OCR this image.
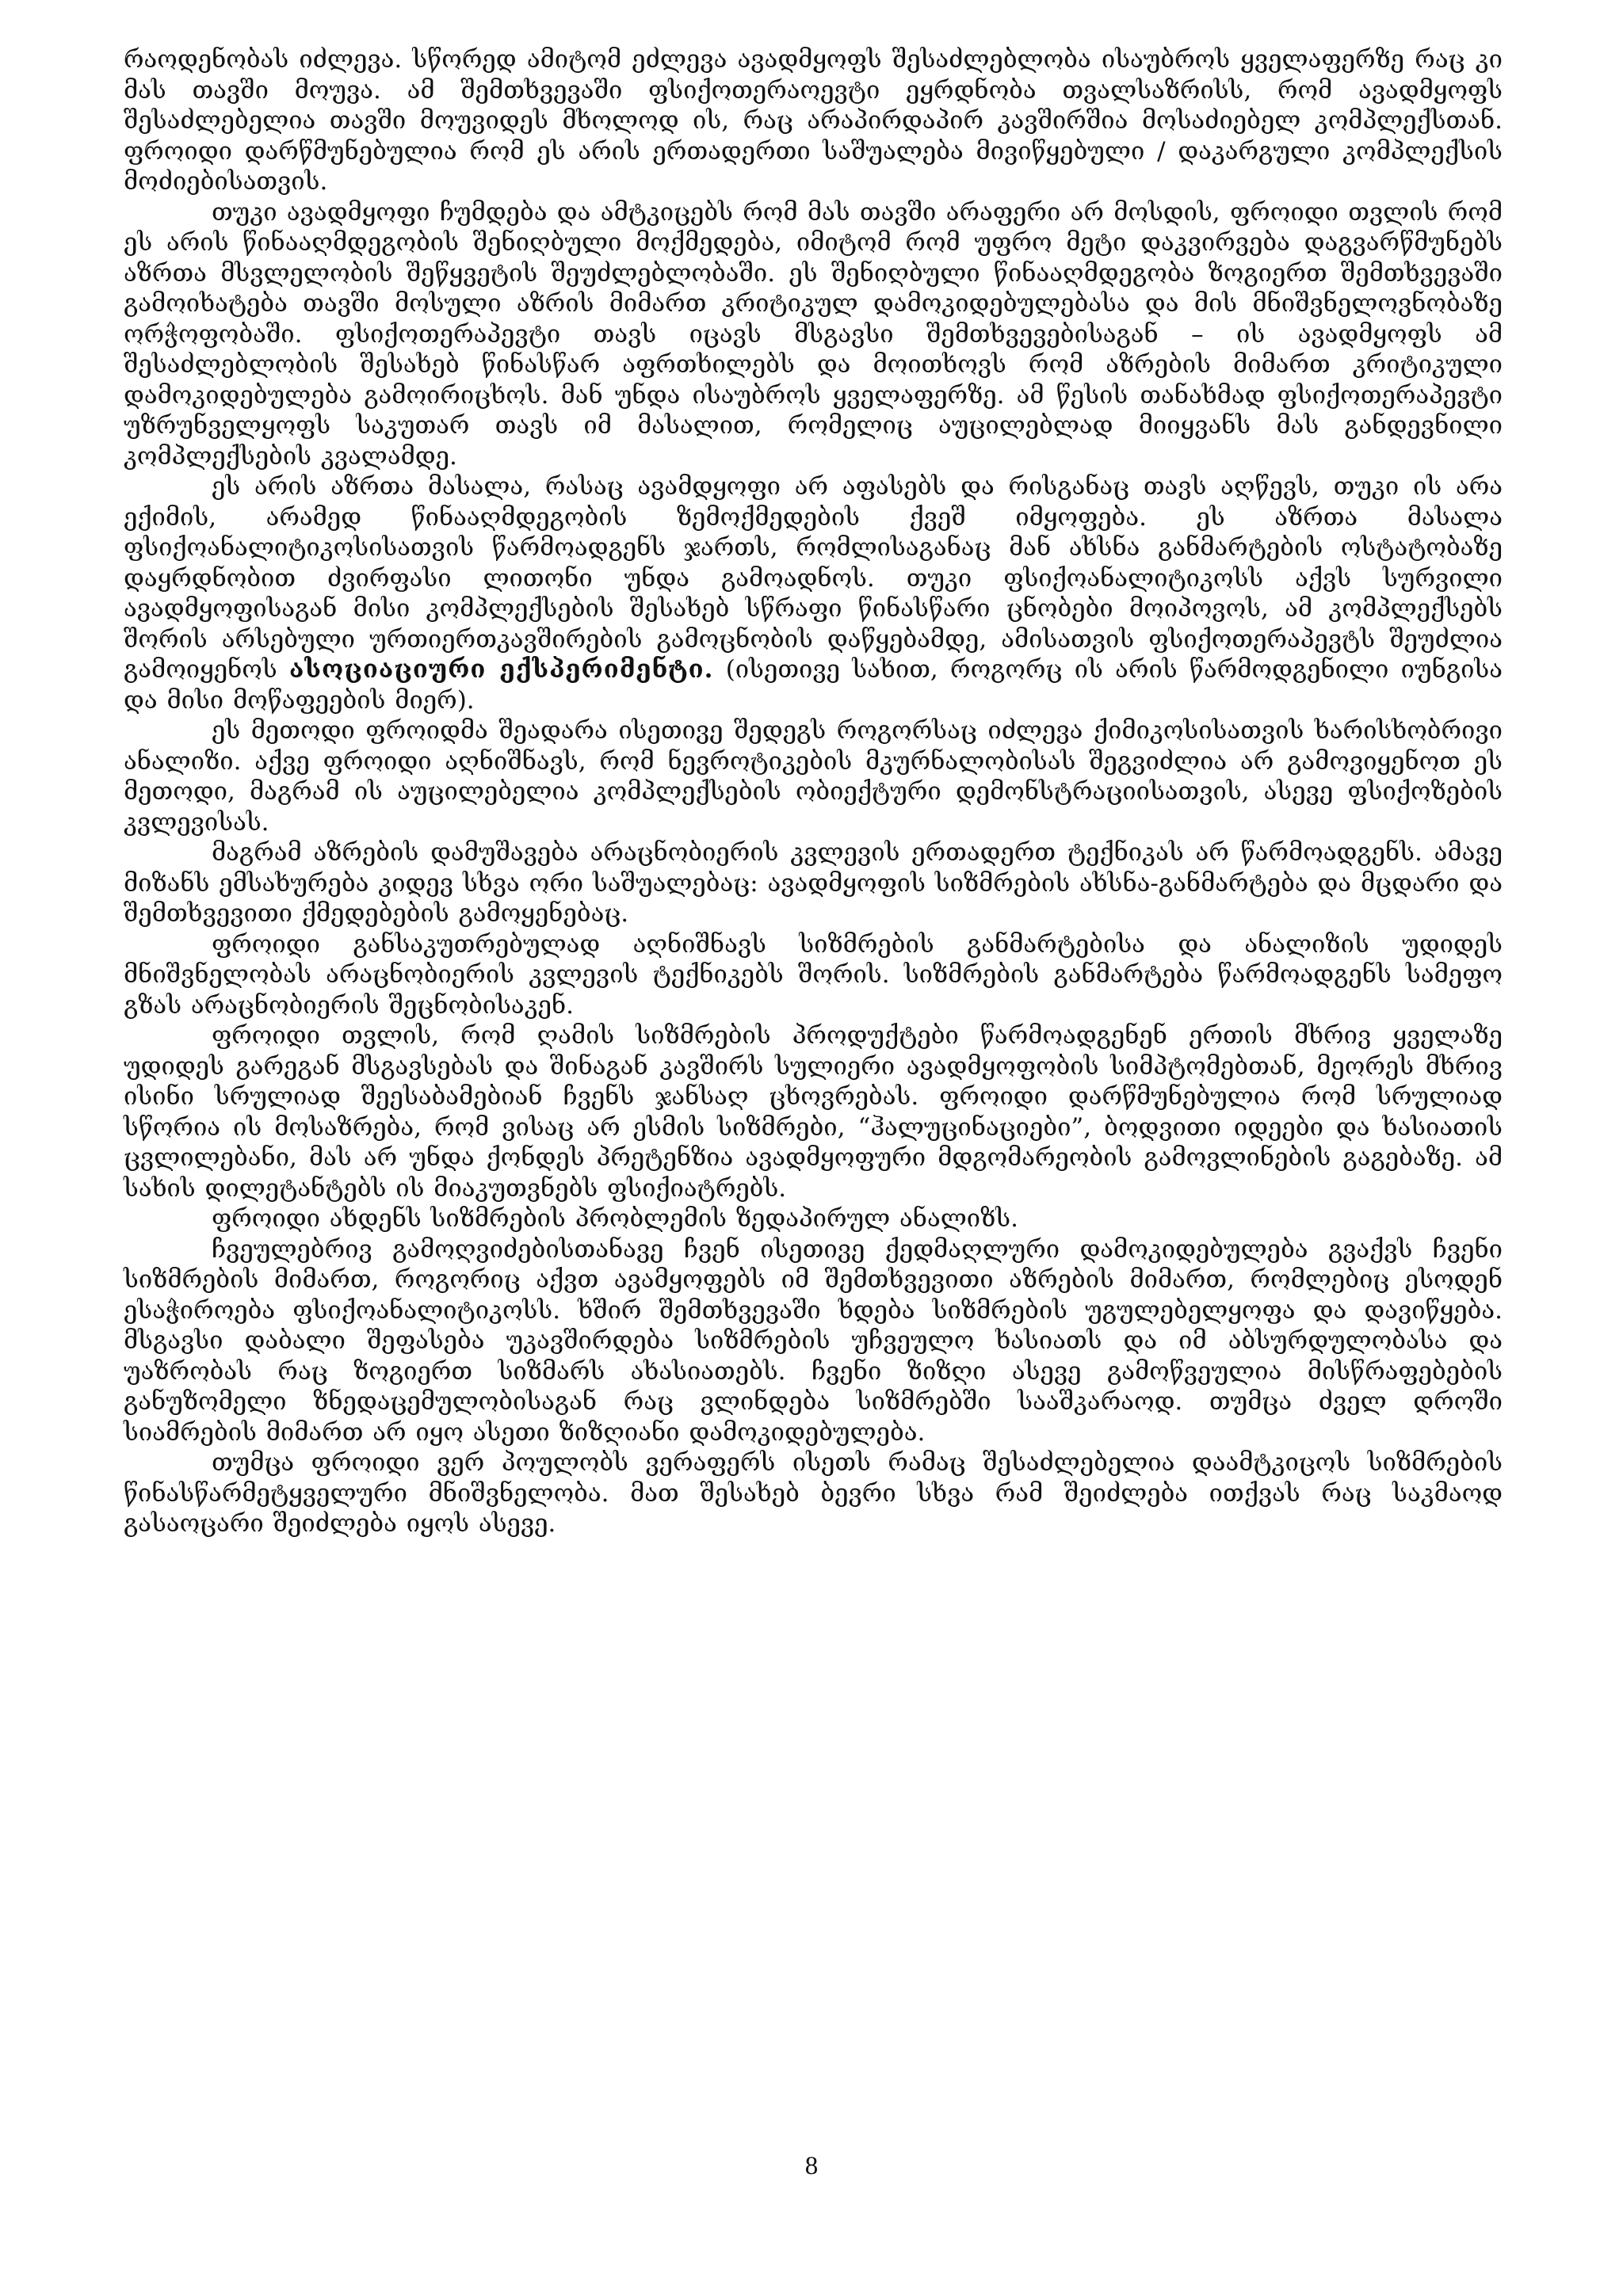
რაოდენობას იძლევა. სწორედ ამიტომ ეძლევა ავადმყოფს შესაძლებლობა ისაუბროს ყველაფერზე რაც კი მას თავში მოუვა. ამ შემთხვევაში ფსიქოთერაოევტი ეყრდნობა თვალსაზრისს, რომ ავადმყოფს შესაძლებელია თავში მოუვიდეს მხოლოდ ის, რაც არაპირდაპირ კავშირშია მოსაძიებელ კომპლექსთან. ფროიდი დარწმუნებულია რომ ეს არის ერთადერთი საშუალება მივიწყებული / დაკარგული კომპლექსის მოძიებისათვის.

თუკი ავადმყოფი ჩუმდება და ამტკიცებს რომ მას თავში არაფერი არ მოსდის, ფროიდი თვლის რომ ეს არის წინააღმდეგობის შენიღბული მოქმედება, იმიტომ რომ უფრო მეტი დაკვირვება დაგვარწმუნებს აზრთა მსვლელობის შეწყვეტის შეუძლებლობაში. ეს შენიღბული წინააღმდეგობა ზოგიერთ შემთხვევაში გამოიხატება თავში მოსული აზრის მიმართ კრიტიკულ დამოკიდებულებასა და მის მნიშვნელოვნობაზე ორჭოფობაში. ფსიქოთერაპევტი თავს იცავს მსგავსი შემთხვევებისაგან – ის ავადმყოფს ამ შესაძლებლობის შესახებ წინასწარ აფრთხილებს და მოითხოვს რომ აზრების მიმართ კრიტიკული დამოკიდებულება გამოირიცხოს. მან უნდა ისაუბროს ყველაფერზე. ამ წესის თანახმად ფსიქოთერაპევტი უზრუნველყოფს საკუთარ თავს იმ მასალით, რომელიც აუცილებლად მიიყვანს მას განდევნილი კომპლექსების კვალამდე.

ეს არის აზრთა მასალა, რასაც ავამდყოფი არ აფასებს და რისგანაც თავს აღწევს, თუკი ის არა ექიმის, არამედ წინააღმდეგობის ზემოქმედების ქვეშ იმყოფება. ეს აზრთა მასალა ფსიქოანალიტიკოსისათვის წარმოადგენს ჯართს, რომლისაგანაც მან ახსნა განმარტების ოსტატობაზე დაყრდნობით ძვირფასი ლითონი უნდა გამოადნოს. თუკი ფსიქოანალიტიკოსს აქვს სურვილი ავადმყოფისაგან მისი კომპლექსების შესახებ სწრაფი წინასწარი ცნობები მოიპოვოს, ამ კომპლექსებს შორის არსებული ურთიერთკავშირების გამოცნობის დაწყებამდე, ამისათვის ფსიქოთერაპევტს შეუძლია გამოიყენოს ასოციაციური ექსპერიმენტი. (ისეთივე სახით, როგორც ის არის წარმოდგენილი იუნგისა და მისი მოწაფეების მიერ).

ეს მეთოდი ფროიდმა შეადარა ისეთივე შედეგს როგორსაც იძლევა ქიმიკოსისათვის ხარისხობრივი ანალიზი. აქვე ფროიდი აღნიშნავს, რომ ნევროტიკების მკურნალობისას შეგვიძლია არ გამოვიყენოთ ეს მეთოდი, მაგრამ ის აუცილებელია კომპლექსების ობიექტური დემონსტრაციისათვის, ასევე ფსიქოზების კვლევისას.

მაგრამ აზრების დამუშავება არაცნობიერის კვლევის ერთადერთ ტექნიკას არ წარმოადგენს. ამავე მიზანს ემსახურება კიდევ სხვა ორი საშუალებაც: ავადმყოფის სიზმრების ახსნა-განმარტება და მცდარი და შემთხვევითი ქმედებების გამოყენებაც.

ფროიდი განსაკუთრებულად აღნიშნავს სიზმრების განმარტებისა და ანალიზის უდიდეს მნიშვნელობას არაცნობიერის კვლევის ტექნიკებს შორის. სიზმრების განმარტება წარმოადგენს სამეფო გზას არაცნობიერის შეცნობისაკენ.

ფროიდი თვლის, რომ ღამის სიზმრების პროდუქტები წარმოადგენენ ერთის მხრივ ყველაზე უდიდეს გარეგან მსგავსებას და შინაგან კავშირს სულიერი ავადმყოფობის სიმპტომებთან, მეორეს მხრივ ისინი სრულიად შეესაბამებიან ჩვენს ჯანსაღ ცხოვრებას. ფროიდი დარწმუნებულია რომ სრულიად სწორია ის მოსაზრება, რომ ვისაც არ ესმის სიზმრები, “ჰალუცინაციები”, ბოდვითი იდეები და ხასიათის ცვლილებანი, მას არ უნდა ქონდეს პრეტენზია ავადმყოფური მდგომარეობის გამოვლინების გაგებაზე. ამ სახის დილეტანტებს ის მიაკუთვნებს ფსიქიატრებს.

ფროიდი ახდენს სიზმრების პრობლემის ზედაპირულ ანალიზს.

ჩვეულებრივ გამოღვიძებისთანავე ჩვენ ისეთივე ქედმაღლური დამოკიდებულება გვაქვს ჩვენი სიზმრების მიმართ, როგორიც აქვთ ავამყოფებს იმ შემთხვევითი აზრების მიმართ, რომლებიც ესოდენ ესაჭიროება ფსიქოანალიტიკოსს. ხშირ შემთხვევაში ხდება სიზმრების უგულებელყოფა და დავიწყება. მსგავსი დაბალი შეფასება უკავშირდება სიზმრების უჩვეულო ხასიათს და იმ აბსურდულობასა და უაზრობას რაც ზოგიერთ სიზმარს ახასიათებს. ჩვენი ზიზღი ასევე გამოწვეულია მისწრაფებების განუზომელი ზნედაცემულობისაგან რაც ვლინდება სიზმრებში სააშკარაოდ. თუმცა ძველ დროში სიამრების მიმართ არ იყო ასეთი ზიზღიანი დამოკიდებულება.

თუმცა ფროიდი ვერ პოულობს ვერაფერს ისეთს რამაც შესაძლებელია დაამტკიცოს სიზმრების წინასწარმეტყველური მნიშვნელობა. მათ შესახებ ბევრი სხვა რამ შეიძლება ითქვას რაც საკმაოდ გასაოცარი შეიძლება იყოს ასევე.

8
